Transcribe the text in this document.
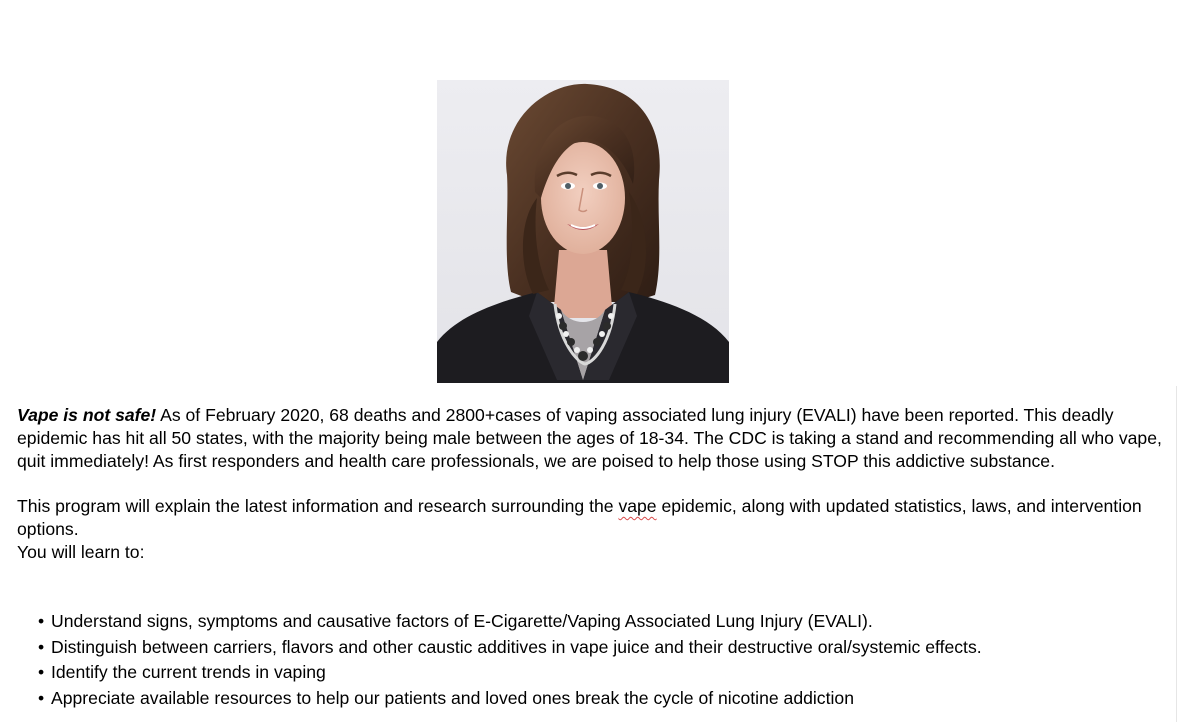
Vape is not safe! As of February 2020, 68 deaths and 2800+cases of vaping associated lung injury (EVALI) have been reported. This deadly epidemic has hit all 50 states, with the majority being male between the ages of 18-34. The CDC is taking a stand and recommending all who vape, quit immediately! As first responders and health care professionals, we are poised to help those using STOP this addictive substance.

This program will explain the latest information and research surrounding the vape epidemic, along with updated statistics, laws, and intervention options.

You will learn to:

• Understand signs, symptoms and causative factors of E-Cigarette/Vaping Associated Lung Injury (EVALI).
• Distinguish between carriers, flavors and other caustic additives in vape juice and their destructive oral/systemic effects.
• Identify the current trends in vaping
• Appreciate available resources to help our patients and loved ones break the cycle of nicotine addiction
